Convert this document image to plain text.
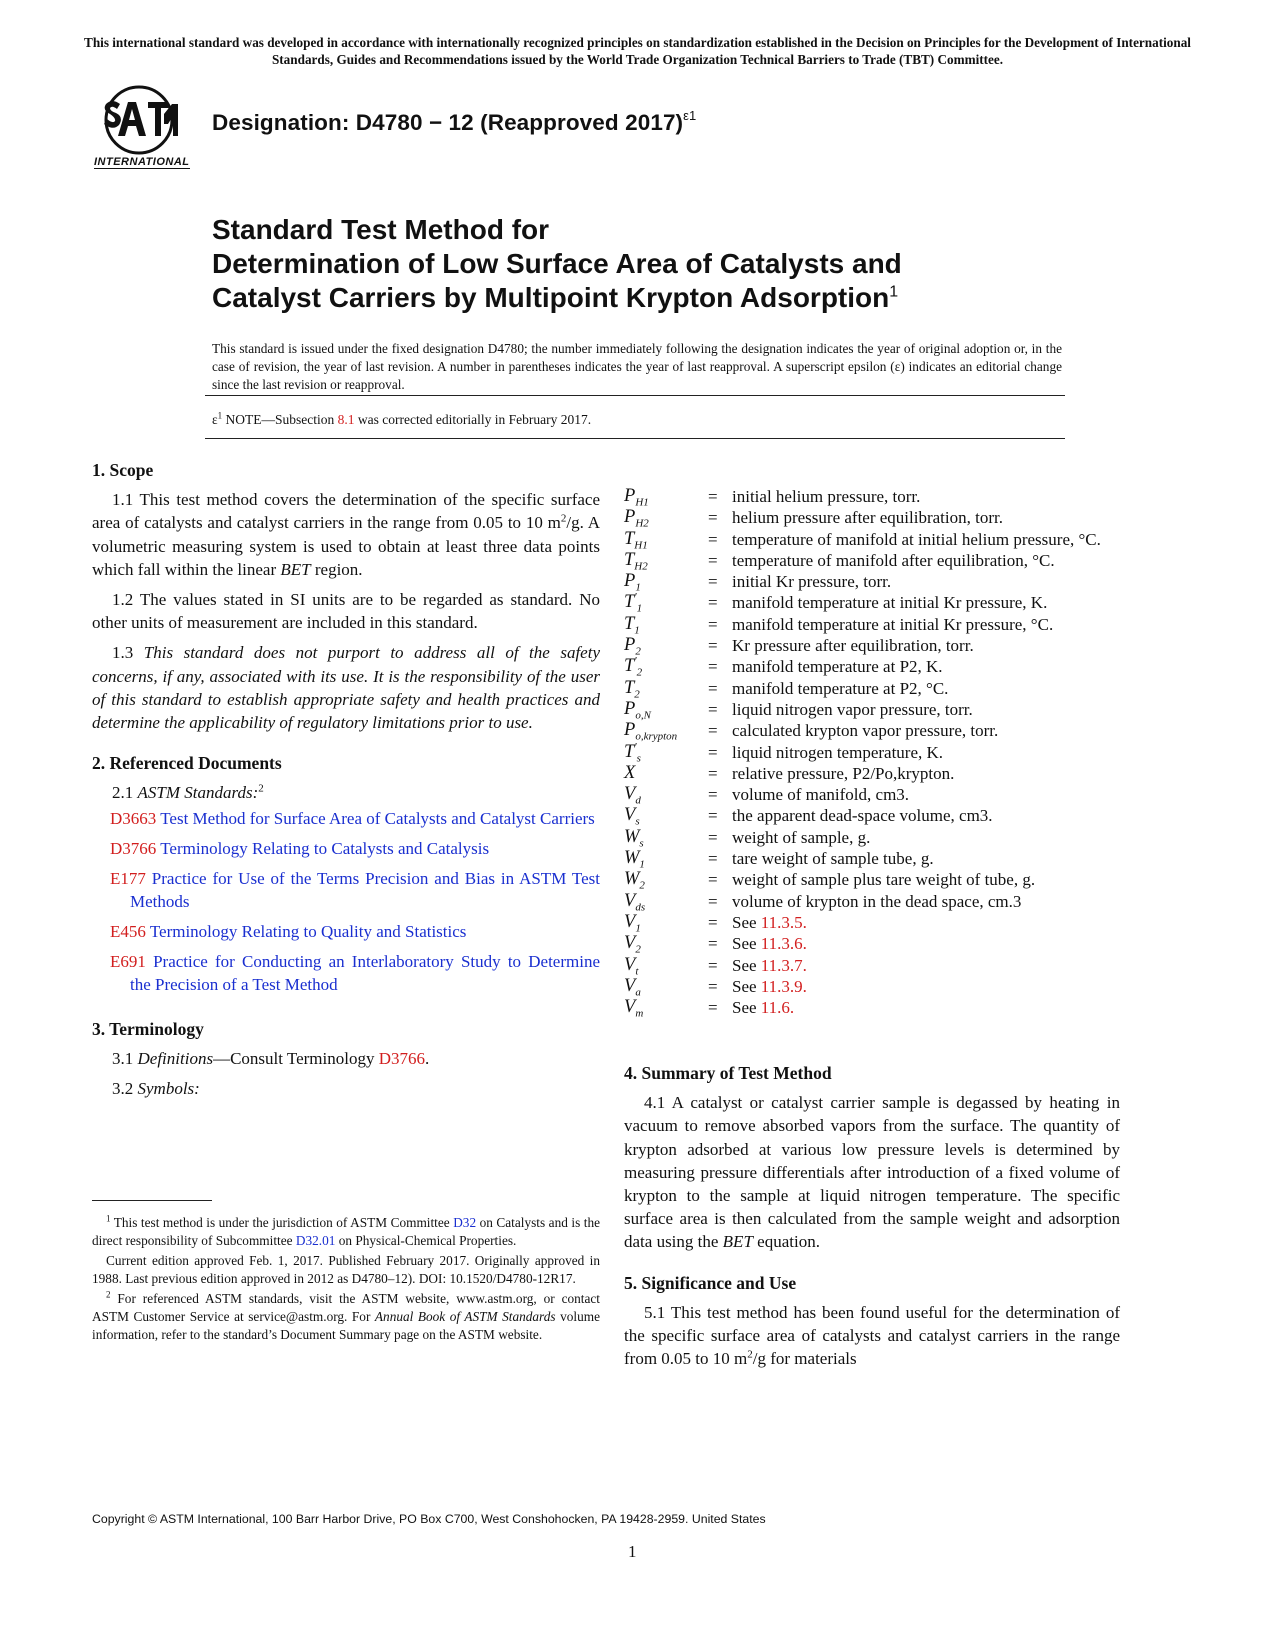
This international standard was developed in accordance with internationally recognized principles on standardization established in the Decision on Principles for the Development of International Standards, Guides and Recommendations issued by the World Trade Organization Technical Barriers to Trade (TBT) Committee.
INTERNATIONAL
Designation: D4780 − 12 (Reapproved 2017)$^{\varepsilon 1}$
Standard Test Method for
Determination of Low Surface Area of Catalysts and
Catalyst Carriers by Multipoint Krypton Adsorption$^1$
This standard is issued under the fixed designation D4780; the number immediately following the designation indicates the year of original adoption or, in the case of revision, the year of last revision. A number in parentheses indicates the year of last reapproval. A superscript epsilon (ε) indicates an editorial change since the last revision or reapproval.
$\varepsilon^1$ NOTE—Subsection 8.1 was corrected editorially in February 2017.

1. Scope

1.1 This test method covers the determination of the specific surface area of catalysts and catalyst carriers in the range from 0.05 to 10 $m^2/g$. A volumetric measuring system is used to obtain at least three data points which fall within the linear BET region.

1.2 The values stated in SI units are to be regarded as standard. No other units of measurement are included in this standard.

1.3 This standard does not purport to address all of the safety concerns, if any, associated with its use. It is the responsibility of the user of this standard to establish appropriate safety and health practices and determine the applicability of regulatory limitations prior to use.

2. Referenced Documents

2.1 ASTM Standards:$^2$

D3663 Test Method for Surface Area of Catalysts and Catalyst Carriers

D3766 Terminology Relating to Catalysts and Catalysis

E177 Practice for Use of the Terms Precision and Bias in ASTM Test Methods

E456 Terminology Relating to Quality and Statistics

E691 Practice for Conducting an Interlaboratory Study to Determine the Precision of a Test Method

3. Terminology

3.1 Definitions—Consult Terminology D3766.

3.2 Symbols:

$^1$ This test method is under the jurisdiction of ASTM Committee D32 on Catalysts and is the direct responsibility of Subcommittee D32.01 on Physical-Chemical Properties.

Current edition approved Feb. 1, 2017. Published February 2017. Originally approved in 1988. Last previous edition approved in 2012 as D4780–12). DOI: 10.1520/D4780-12R17.

$^2$ For referenced ASTM standards, visit the ASTM website, www.astm.org, or contact ASTM Customer Service at service@astm.org. For Annual Book of ASTM Standards volume information, refer to the standard’s Document Summary page on the ASTM website.

$P_{H1}$	= initial helium pressure, torr.
$P_{H2}$	= helium pressure after equilibration, torr.
$T_{H1}$	= temperature of manifold at initial helium pressure, °C.
$T_{H2}$	= temperature of manifold after equilibration, °C.
$P_1$	= initial Kr pressure, torr.
$T'_1$	= manifold temperature at initial Kr pressure, K.
$T_1$	= manifold temperature at initial Kr pressure, °C.
$P_2$	= Kr pressure after equilibration, torr.
$T'_2$	= manifold temperature at P2, K.
$T_2$	= manifold temperature at P2, °C.
$P_{o,N}$	= liquid nitrogen vapor pressure, torr.
$P_{o,krypton}$	= calculated krypton vapor pressure, torr.
$T'_s$	= liquid nitrogen temperature, K.
X	= relative pressure, P2/Po,krypton.
$V_d$	= volume of manifold, cm3.
$V_s$	= the apparent dead-space volume, cm3.
$W_s$	= weight of sample, g.
$W_1$	= tare weight of sample tube, g.
$W_2$	= weight of sample plus tare weight of tube, g.
$V_{ds}$	= volume of krypton in the dead space, cm.3
$V_1$	= See 11.3.5.
$V_2$	= See 11.3.6.
$V_t$	= See 11.3.7.
$V_a$	= See 11.3.9.
$V_m$	= See 11.6.

4. Summary of Test Method

4.1 A catalyst or catalyst carrier sample is degassed by heating in vacuum to remove absorbed vapors from the surface. The quantity of krypton adsorbed at various low pressure levels is determined by measuring pressure differentials after introduction of a fixed volume of krypton to the sample at liquid nitrogen temperature. The specific surface area is then calculated from the sample weight and adsorption data using the BET equation.

5. Significance and Use

5.1 This test method has been found useful for the determination of the specific surface area of catalysts and catalyst carriers in the range from 0.05 to 10 $m^2/g$ for materials

Copyright © ASTM International, 100 Barr Harbor Drive, PO Box C700, West Conshohocken, PA 19428-2959. United States
1
